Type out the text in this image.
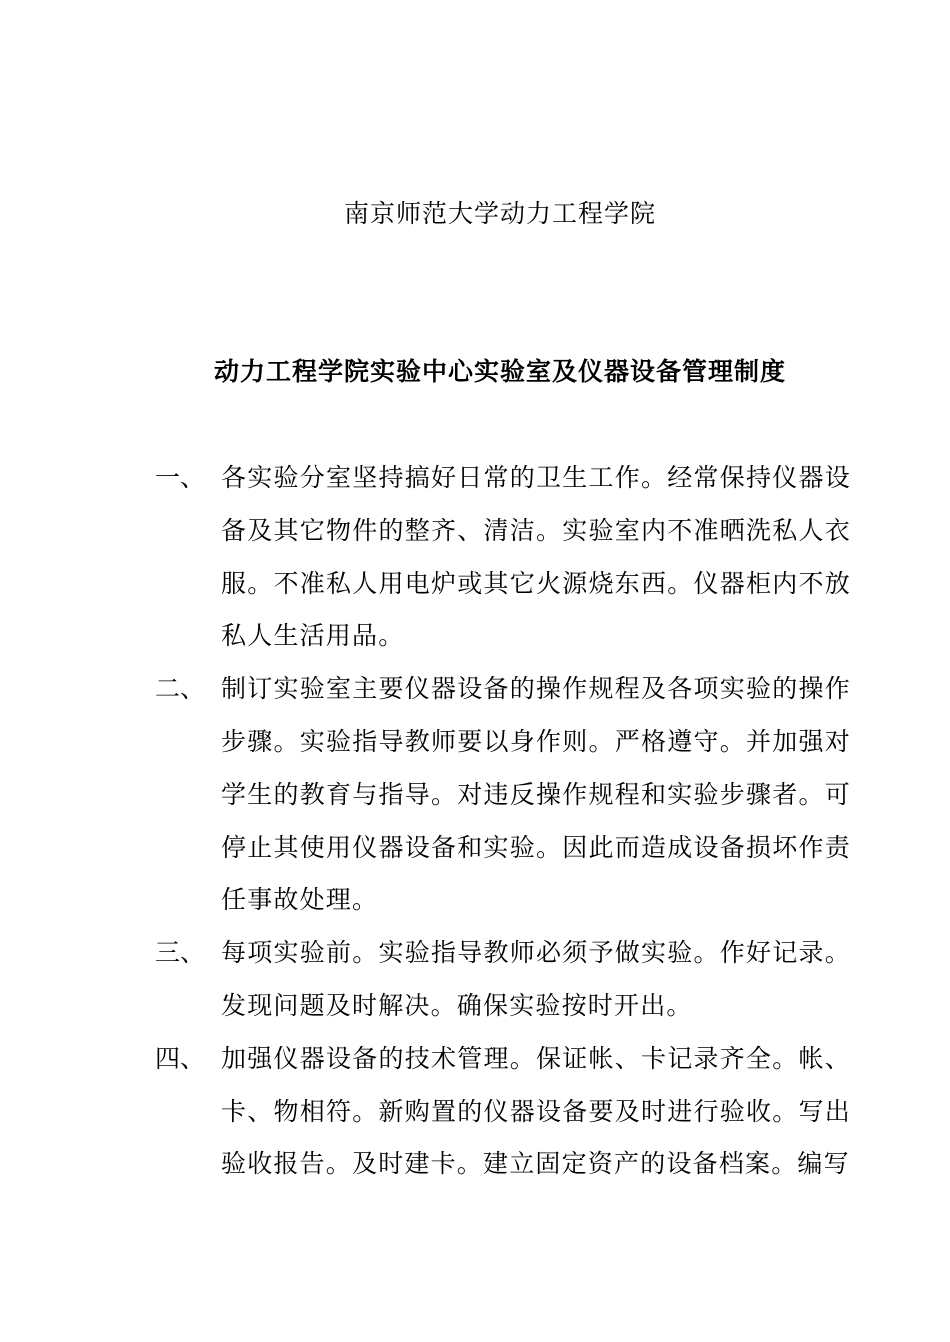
南京师范大学动力工程学院
动力工程学院实验中心实验室及仪器设备管理制度
一、 各实验分室坚持搞好日常的卫生工作。经常保持仪器设备及其它物件的整齐、清洁。实验室内不准晒洗私人衣服。不准私人用电炉或其它火源烧东西。仪器柜内不放私人生活用品。
二、 制订实验室主要仪器设备的操作规程及各项实验的操作步骤。实验指导教师要以身作则。严格遵守。并加强对学生的教育与指导。对违反操作规程和实验步骤者。可停止其使用仪器设备和实验。因此而造成设备损坏作责任事故处理。
三、 每项实验前。实验指导教师必须予做实验。作好记录。发现问题及时解决。确保实验按时开出。
四、 加强仪器设备的技术管理。保证帐、卡记录齐全。帐、卡、物相符。新购置的仪器设备要及时进行验收。写出验收报告。及时建卡。建立固定资产的设备档案。编写
